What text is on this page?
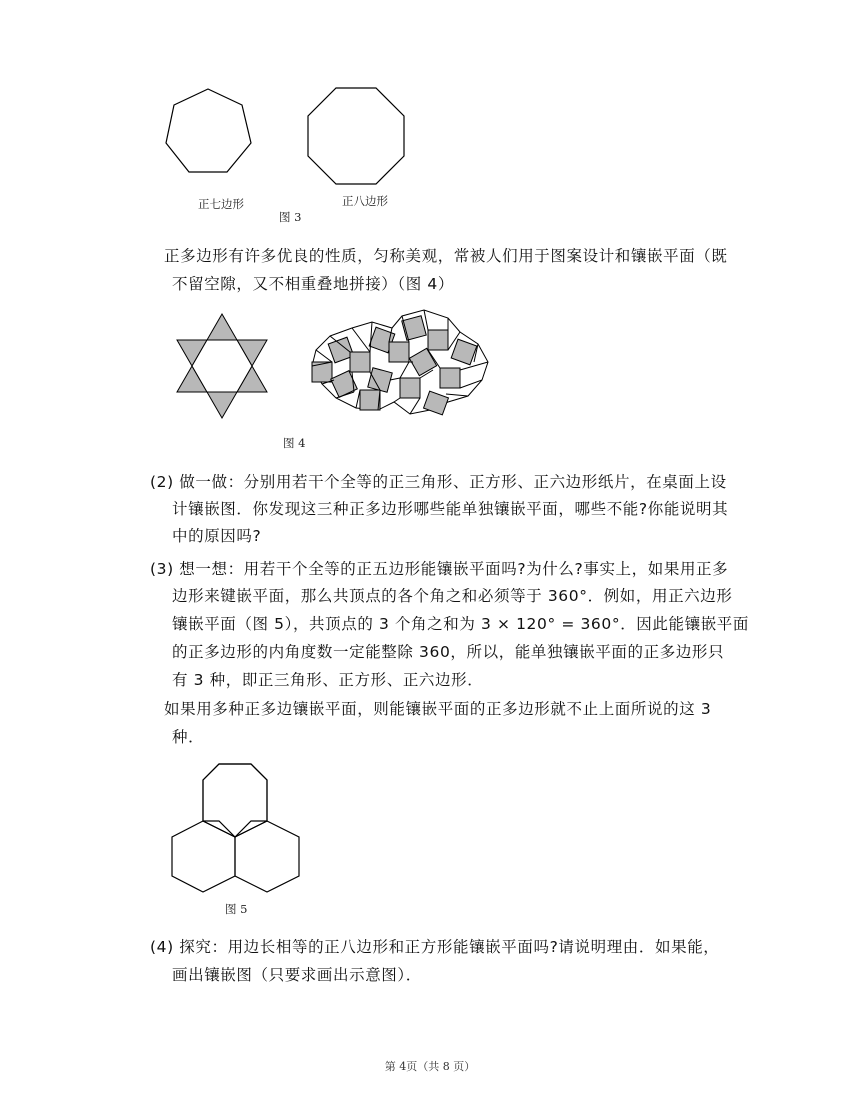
正七边形	正八边形
图 3
正多边形有许多优良的性质，匀称美观，常被人们用于图案设计和镶嵌平面（既
不留空隙，又不相重叠地拼接）（图 4）
图 4
(2) 做一做：分别用若干个全等的正三角形、正方形、正六边形纸片，在桌面上设
计镶嵌图．你发现这三种正多边形哪些能单独镶嵌平面，哪些不能?你能说明其
中的原因吗?
(3) 想一想：用若干个全等的正五边形能镶嵌平面吗?为什么?事实上，如果用正多
边形来键嵌平面，那么共顶点的各个角之和必须等于 360°．例如，用正六边形
镶嵌平面（图 5），共顶点的 3 个角之和为 3 × 120° = 360°．因此能镶嵌平面
的正多边形的内角度数一定能整除 360，所以，能单独镶嵌平面的正多边形只
有 3 种，即正三角形、正方形、正六边形．
如果用多种正多边镶嵌平面，则能镶嵌平面的正多边形就不止上面所说的这 3
种．
图 5
(4) 探究：用边长相等的正八边形和正方形能镶嵌平面吗?请说明理由．如果能，
画出镶嵌图（只要求画出示意图）．
第 4页（共 8 页）
